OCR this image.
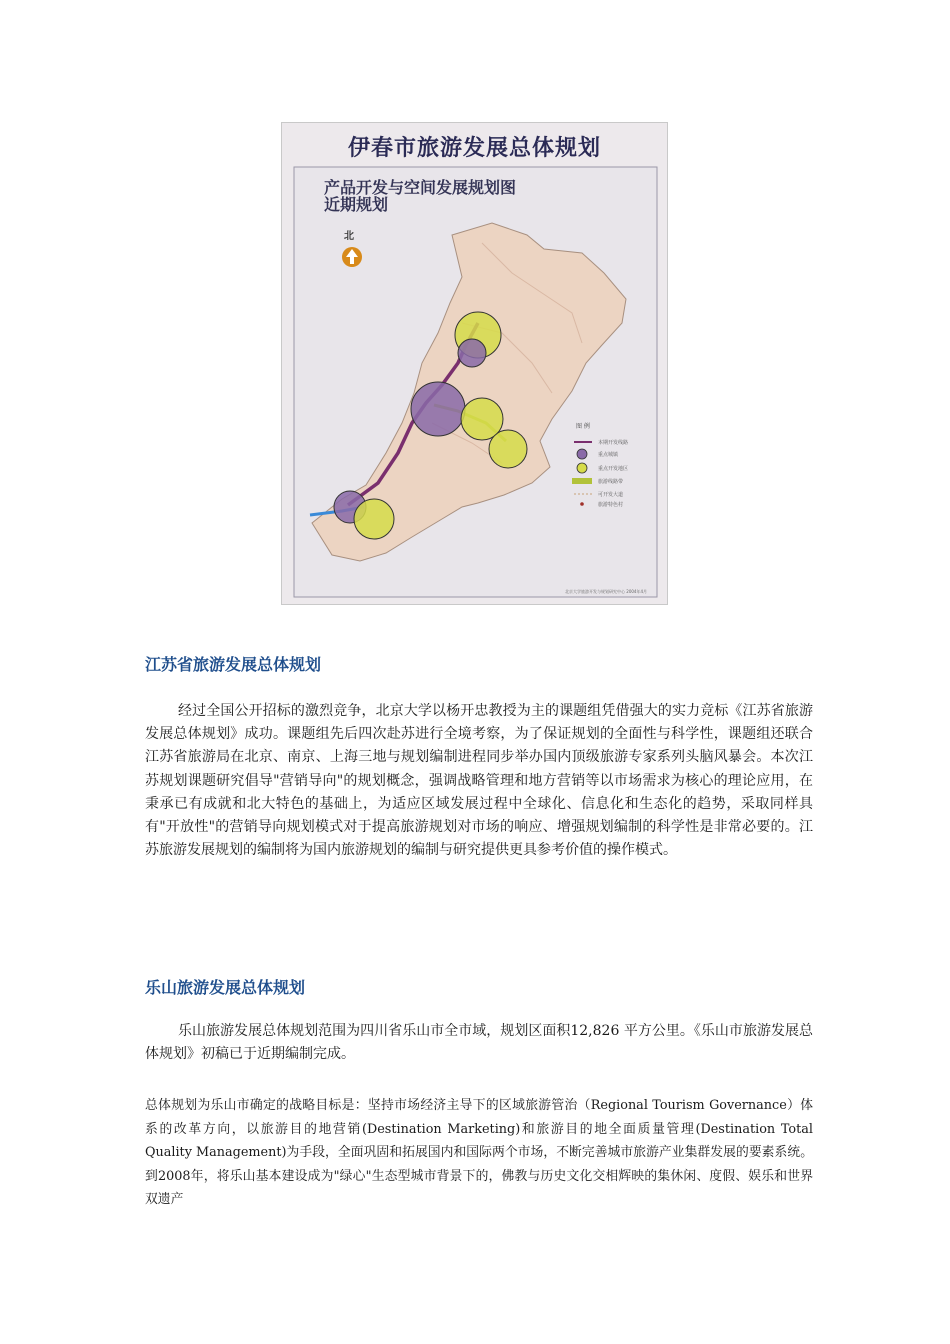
伊春市旅游发展总体规划
产品开发与空间发展规划图
近期规划
北
图 例
本期开发线路
重点城镇
重点开发地区
旅游线路带
可开发大道
旅游特色村
北京大学旅游开发与规划研究中心 2004年4月
江苏省旅游发展总体规划

经过全国公开招标的激烈竞争，北京大学以杨开忠教授为主的课题组凭借强大的实力竞标《江苏省旅游发展总体规划》成功。课题组先后四次赴苏进行全境考察，为了保证规划的全面性与科学性，课题组还联合江苏省旅游局在北京、南京、上海三地与规划编制进程同步举办国内顶级旅游专家系列头脑风暴会。本次江苏规划课题研究倡导"营销导向"的规划概念，强调战略管理和地方营销等以市场需求为核心的理论应用，在秉承已有成就和北大特色的基础上，为适应区域发展过程中全球化、信息化和生态化的趋势，采取同样具有"开放性"的营销导向规划模式对于提高旅游规划对市场的响应、增强规划编制的科学性是非常必要的。江苏旅游发展规划的编制将为国内旅游规划的编制与研究提供更具参考价值的操作模式。

乐山旅游发展总体规划

乐山旅游发展总体规划范围为四川省乐山市全市域，规划区面积12,826 平方公里。《乐山市旅游发展总体规划》初稿已于近期编制完成。

总体规划为乐山市确定的战略目标是：坚持市场经济主导下的区域旅游管治（Regional Tourism Governance）体系的改革方向，以旅游目的地营销(Destination Marketing)和旅游目的地全面质量管理(Destination Total Quality Management)为手段，全面巩固和拓展国内和国际两个市场，不断完善城市旅游产业集群发展的要素系统。到2008年，将乐山基本建设成为"绿心"生态型城市背景下的，佛教与历史文化交相辉映的集休闲、度假、娱乐和世界双遗产
